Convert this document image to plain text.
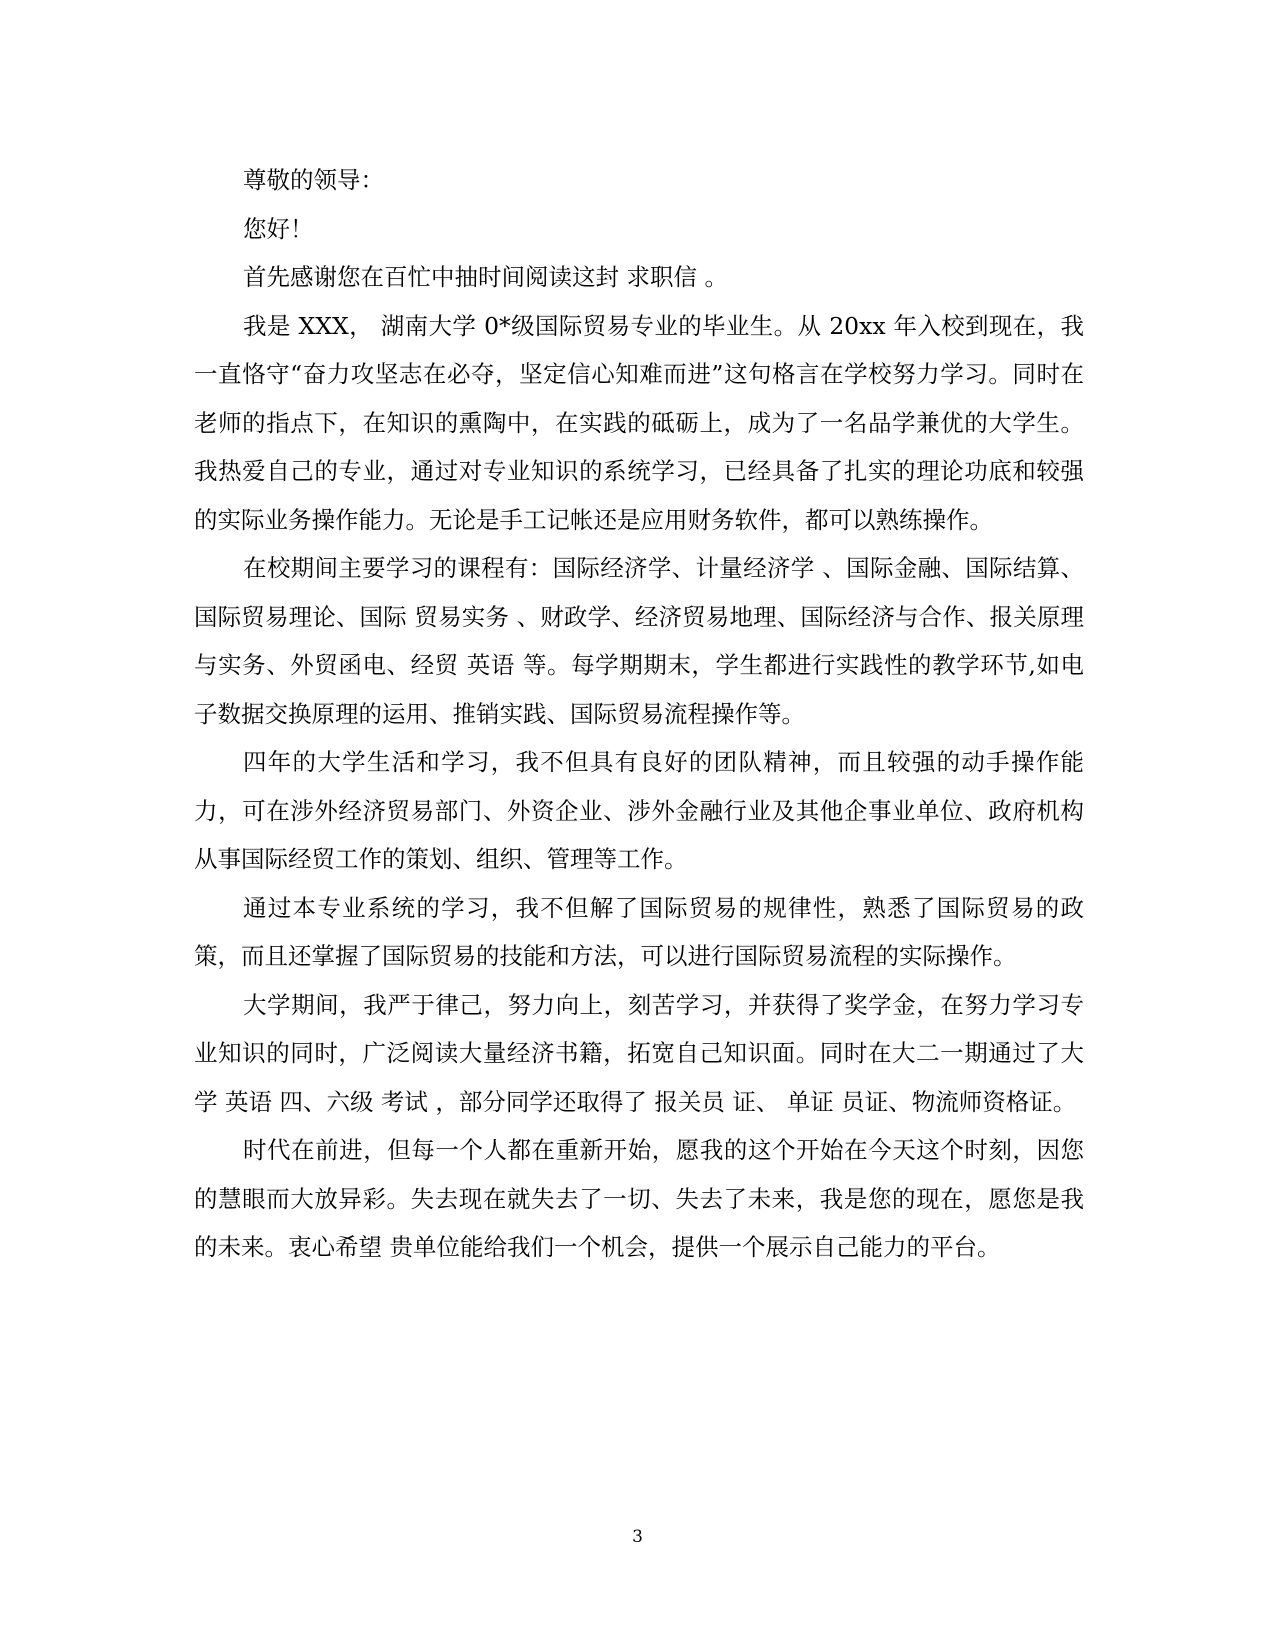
尊敬的领导：

您好！

首先感谢您在百忙中抽时间阅读这封 求职信 。

我是 XXX， 湖南大学 0*级国际贸易专业的毕业生。从 20xx 年入校到现在，我一直恪守“奋力攻坚志在必夺，坚定信心知难而进”这句格言在学校努力学习。同时在老师的指点下，在知识的熏陶中，在实践的砥砺上，成为了一名品学兼优的大学生。我热爱自己的专业，通过对专业知识的系统学习，已经具备了扎实的理论功底和较强的实际业务操作能力。无论是手工记帐还是应用财务软件，都可以熟练操作。

在校期间主要学习的课程有：国际经济学、计量经济学 、国际金融、国际结算、国际贸易理论、国际 贸易实务 、财政学、经济贸易地理、国际经济与合作、报关原理与实务、外贸函电、经贸 英语 等。每学期期末，学生都进行实践性的教学环节,如电子数据交换原理的运用、推销实践、国际贸易流程操作等。

四年的大学生活和学习，我不但具有良好的团队精神，而且较强的动手操作能力，可在涉外经济贸易部门、外资企业、涉外金融行业及其他企事业单位、政府机构从事国际经贸工作的策划、组织、管理等工作。

通过本专业系统的学习，我不但解了国际贸易的规律性，熟悉了国际贸易的政策，而且还掌握了国际贸易的技能和方法，可以进行国际贸易流程的实际操作。

大学期间，我严于律己，努力向上，刻苦学习，并获得了奖学金，在努力学习专业知识的同时，广泛阅读大量经济书籍，拓宽自己知识面。同时在大二一期通过了大学 英语 四、六级 考试 ，部分同学还取得了 报关员 证、 单证 员证、物流师资格证。

时代在前进，但每一个人都在重新开始，愿我的这个开始在今天这个时刻，因您的慧眼而大放异彩。失去现在就失去了一切、失去了未来，我是您的现在，愿您是我的未来。衷心希望 贵单位能给我们一个机会，提供一个展示自己能力的平台。

3
